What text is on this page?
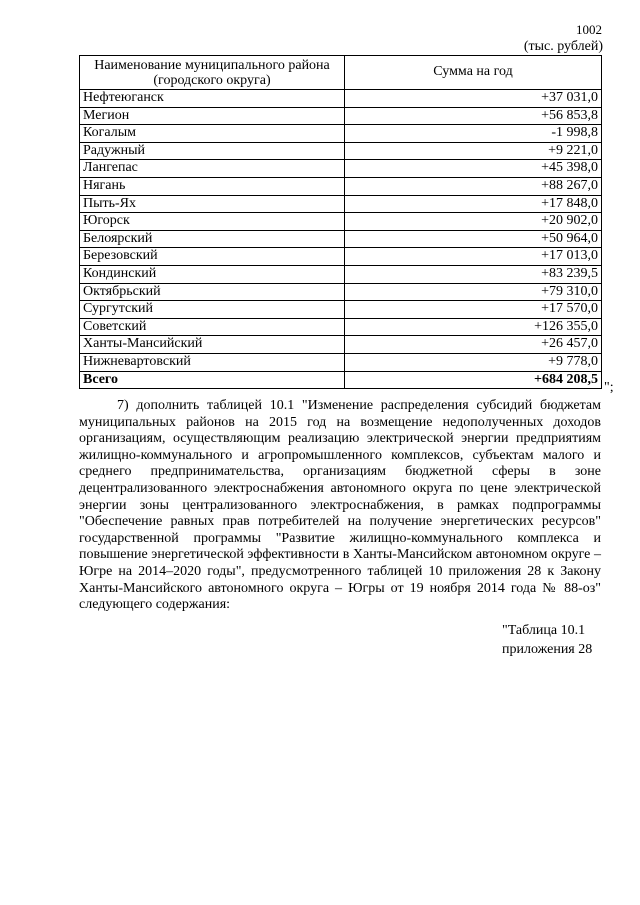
1002
(тыс. рублей)
Наименование муниципального района (городского округа)	Сумма на год
Нефтеюганск	+37 031,0
Мегион	+56 853,8
Когалым	-1 998,8
Радужный	+9 221,0
Лангепас	+45 398,0
Нягань	+88 267,0
Пыть-Ях	+17 848,0
Югорск	+20 902,0
Белоярский	+50 964,0
Березовский	+17 013,0
Кондинский	+83 239,5
Октябрьский	+79 310,0
Сургутский	+17 570,0
Советский	+126 355,0
Ханты-Мансийский	+26 457,0
Нижневартовский	+9 778,0
Всего	+684 208,5
";

7) дополнить таблицей 10.1 "Изменение распределения субсидий бюджетам муниципальных районов на 2015 год на возмещение недополученных доходов организациям, осуществляющим реализацию электрической энергии предприятиям жилищно-коммунального и агропромышленного комплексов, субъектам малого и среднего предпринимательства, организациям бюджетной сферы в зоне децентрализованного электроснабжения автономного округа по цене электрической энергии зоны централизованного электроснабжения, в рамках подпрограммы "Обеспечение равных прав потребителей на получение энергетических ресурсов" государственной программы "Развитие жилищно-коммунального комплекса и повышение энергетической эффективности в Ханты-Мансийском автономном округе – Югре на 2014–2020 годы", предусмотренного таблицей 10 приложения 28 к Закону Ханты-Мансийского автономного округа – Югры от 19 ноября 2014 года № 88-оз" следующего содержания:

"Таблица 10.1
приложения 28
